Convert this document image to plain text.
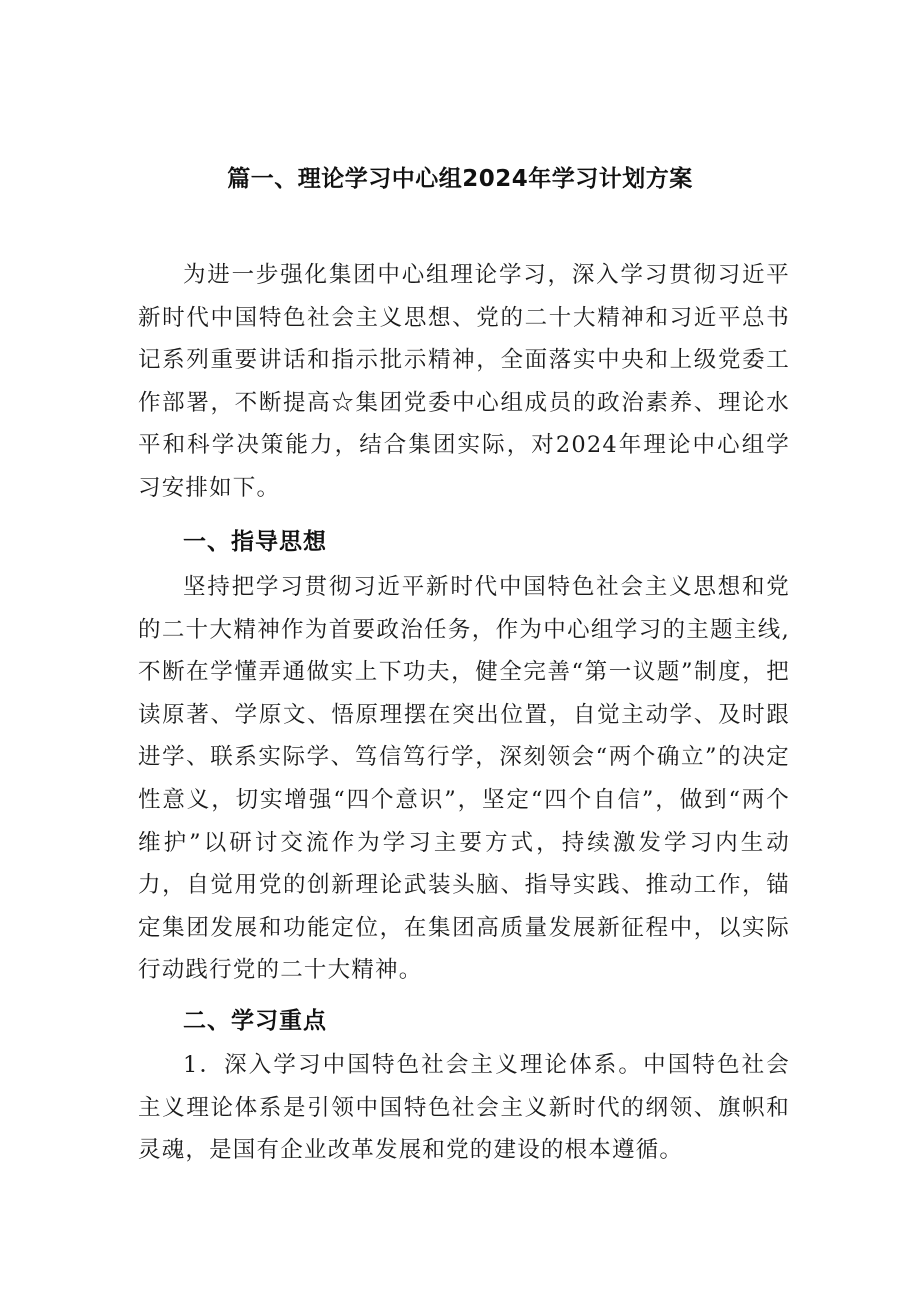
篇一、理论学习中心组2024年学习计划方案

为进一步强化集团中心组理论学习，深入学习贯彻习近平新时代中国特色社会主义思想、党的二十大精神和习近平总书记系列重要讲话和指示批示精神，全面落实中央和上级党委工作部署，不断提高☆集团党委中心组成员的政治素养、理论水平和科学决策能力，结合集团实际，对2024年理论中心组学习安排如下。

一、指导思想

坚持把学习贯彻习近平新时代中国特色社会主义思想和党的二十大精神作为首要政治任务，作为中心组学习的主题主线,不断在学懂弄通做实上下功夫，健全完善“第一议题”制度，把读原著、学原文、悟原理摆在突出位置，自觉主动学、及时跟进学、联系实际学、笃信笃行学，深刻领会“两个确立”的决定性意义，切实增强“四个意识”，坚定“四个自信”，做到“两个维护”以研讨交流作为学习主要方式，持续激发学习内生动力，自觉用党的创新理论武装头脑、指导实践、推动工作，锚定集团发展和功能定位，在集团高质量发展新征程中，以实际行动践行党的二十大精神。

二、学习重点

1．深入学习中国特色社会主义理论体系。中国特色社会主义理论体系是引领中国特色社会主义新时代的纲领、旗帜和灵魂，是国有企业改革发展和党的建设的根本遵循。
